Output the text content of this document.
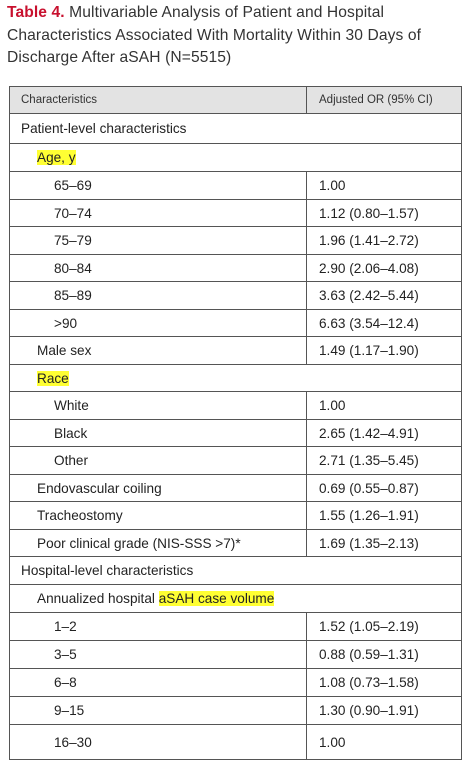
Table 4. Multivariable Analysis of Patient and Hospital Characteristics Associated With Mortality Within 30 Days of Discharge After aSAH (N=5515)
Characteristics	Adjusted OR (95% CI)
Patient-level characteristics
Age, y
65–69	1.00
70–74	1.12 (0.80–1.57)
75–79	1.96 (1.41–2.72)
80–84	2.90 (2.06–4.08)
85–89	3.63 (2.42–5.44)
>90	6.63 (3.54–12.4)
Male sex	1.49 (1.17–1.90)
Race
White	1.00
Black	2.65 (1.42–4.91)
Other	2.71 (1.35–5.45)
Endovascular coiling	0.69 (0.55–0.87)
Tracheostomy	1.55 (1.26–1.91)
Poor clinical grade (NIS-SSS >7)*	1.69 (1.35–2.13)
Hospital-level characteristics
Annualized hospital aSAH case volume
1–2	1.52 (1.05–2.19)
3–5	0.88 (0.59–1.31)
6–8	1.08 (0.73–1.58)
9–15	1.30 (0.90–1.91)
16–30	1.00
